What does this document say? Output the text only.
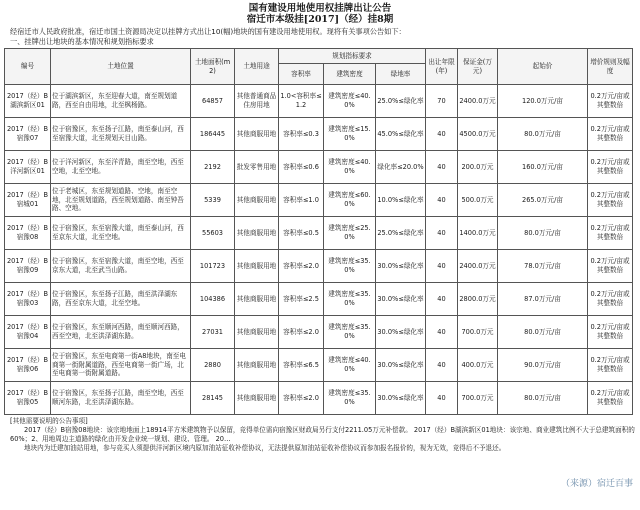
国有建设用地使用权挂牌出让公告
宿迁市本级挂[2017]（经）挂8期
经宿迁市人民政府批准，宿迁市国土资源局决定以挂牌方式出让10(幅)地块的国有建设用地使用权。现将有关事项公告如下：
一、挂牌出让地块的基本情况和规划指标要求
编号	土地位置	土地面积(m2)	土地用途	规划指标要求			出让年限(年)	保证金(万元)	起始价	增价规则及幅度
				容积率	建筑密度	绿地率				
2017（经）B湖滨新区01	位于湖滨新区，东至迎春大道，南至规划道路，西至自由用地，北至枫杨路。	64857	其他普通商品住房用地	1.0<容积率≤1.2	建筑密度≤40.0%	25.0%≤绿化率	70	2400.0万元	120.0万元/亩	0.2万元/亩或其整数倍
2017（经）B宿豫07	位于宿豫区，东至扬子江路，南至泰山河，西至宿豫大道，北至规划天目山路。	186445	其他商服用地	容积率≤0.3	建筑密度≤15.0%	45.0%≤绿化率	40	4500.0万元	80.0万元/亩	0.2万元/亩或其整数倍
2017（经）B洋河新区01	位于洋河新区，东至洋青路，南至空地，西至空地，北至空地。	2192	批发零售用地	容积率≤0.6	建筑密度≤40.0%	绿化率≤20.0%	40	200.0万元	160.0万元/亩	0.2万元/亩或其整数倍
2017（经）B宿城01	位于老城区，东至规划道路、空地，南至空地，北至规划道路，西至规划道路、南至钟吾路、空地。	5339	其他商服用地	容积率≤1.0	建筑密度≤60.0%	10.0%≤绿化率	40	500.0万元	265.0万元/亩	0.2万元/亩或其整数倍
2017（经）B宿豫08	位于宿豫区，东至宿豫大道，南至泰山河，西至京东大道，北至空地。	55603	其他商服用地	容积率≤0.5	建筑密度≤25.0%	25.0%≤绿化率	40	1400.0万元	80.0万元/亩	0.2万元/亩或其整数倍
2017（经）B宿豫09	位于宿豫区，东至宿豫大道，南至空地，西至京东大道，北至武当山路。	101723	其他商服用地	容积率≤2.0	建筑密度≤35.0%	30.0%≤绿化率	40	2400.0万元	78.0万元/亩	0.2万元/亩或其整数倍
2017（经）B宿豫03	位于宿豫区，东至扬子江路，南至洪泽湖东路，西至京东大道，北至空地。	104386	其他商服用地	容积率≤2.5	建筑密度≤35.0%	30.0%≤绿化率	40	2800.0万元	87.0万元/亩	0.2万元/亩或其整数倍
2017（经）B宿豫04	位于宿豫区，东至顺河西路，南至顺河西路，西至空地，北至洪泽湖东路。	27031	其他商服用地	容积率≤2.0	建筑密度≤35.0%	30.0%≤绿化率	40	700.0万元	80.0万元/亩	0.2万元/亩或其整数倍
2017（经）B宿豫06	位于宿豫区，东至电商第一街A8地块，南至电商第一街附属道路，西至电商第一街广场，北至电商第一街附属道路。	2880	其他商服用地	容积率≤6.5	建筑密度≤40.0%	30.0%≤绿化率	40	400.0万元	90.0万元/亩	0.2万元/亩或其整数倍
2017（经）B宿豫05	位于宿豫区，东至扬子江路，南至空地，西至顺河东路，北至洪泽湖东路。	28145	其他商服用地	容积率≤2.0	建筑密度≤35.0%	30.0%≤绿化率	40	700.0万元	80.0万元/亩	0.2万元/亩或其整数倍
[其他需要说明的公告事项]

2017（经）B宿豫08地块：该宗地地面上18914平方米建筑物予以保留，竞得单位需向宿豫区财政局另行支付2211.05万元补偿款。 2017（经）B湖滨新区01地块：该宗地、商业建筑比例不大于总建筑面积的60%；2、用地周边主道路的绿化由开发企业统一规划、建设、管理。 20…

地块内为迁建加油站用地，参与竞买人须提供洋河新区境内原加油站征收补偿协议，无法提供原加油站征收补偿协议而参加报名报价的，视为无效，竞得后不予退还。

（来源）宿迁百事
